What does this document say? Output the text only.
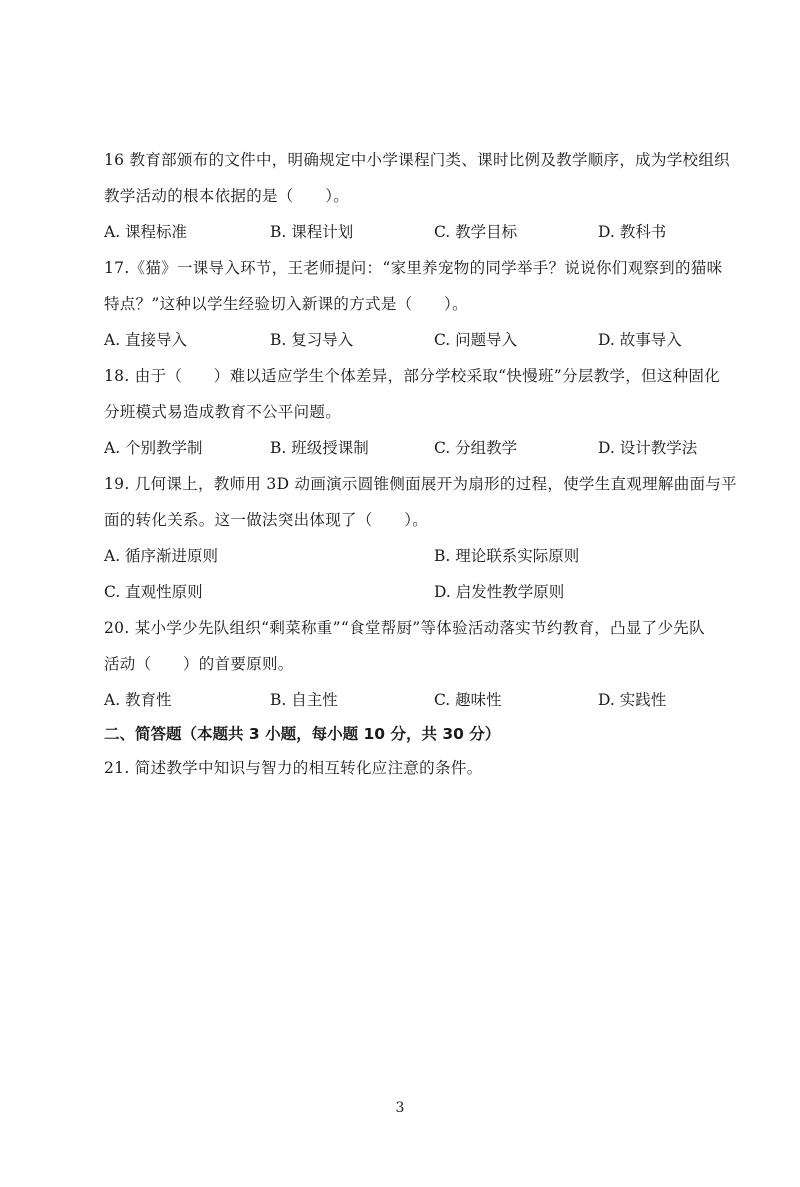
16 教育部颁布的文件中，明确规定中小学课程门类、课时比例及教学顺序，成为学校组织
教学活动的根本依据的是（　　）。
A. 课程标准	B. 课程计划	C. 教学目标	D. 教科书
17.《猫》一课导入环节，王老师提问：“家里养宠物的同学举手？说说你们观察到的猫咪
特点？”这种以学生经验切入新课的方式是（　　）。
A. 直接导入	B. 复习导入	C. 问题导入	D. 故事导入
18. 由于（　　）难以适应学生个体差异，部分学校采取“快慢班”分层教学，但这种固化
分班模式易造成教育不公平问题。
A. 个别教学制	B. 班级授课制	C. 分组教学	D. 设计教学法
19. 几何课上，教师用 3D 动画演示圆锥侧面展开为扇形的过程，使学生直观理解曲面与平
面的转化关系。这一做法突出体现了（　　）。
A. 循序渐进原则	B. 理论联系实际原则
C. 直观性原则	D. 启发性教学原则
20. 某小学少先队组织“剩菜称重”“食堂帮厨”等体验活动落实节约教育，凸显了少先队
活动（　　）的首要原则。
A. 教育性	B. 自主性	C. 趣味性	D. 实践性
二、简答题（本题共 3 小题，每小题 10 分，共 30 分）
21. 简述教学中知识与智力的相互转化应注意的条件。
3
